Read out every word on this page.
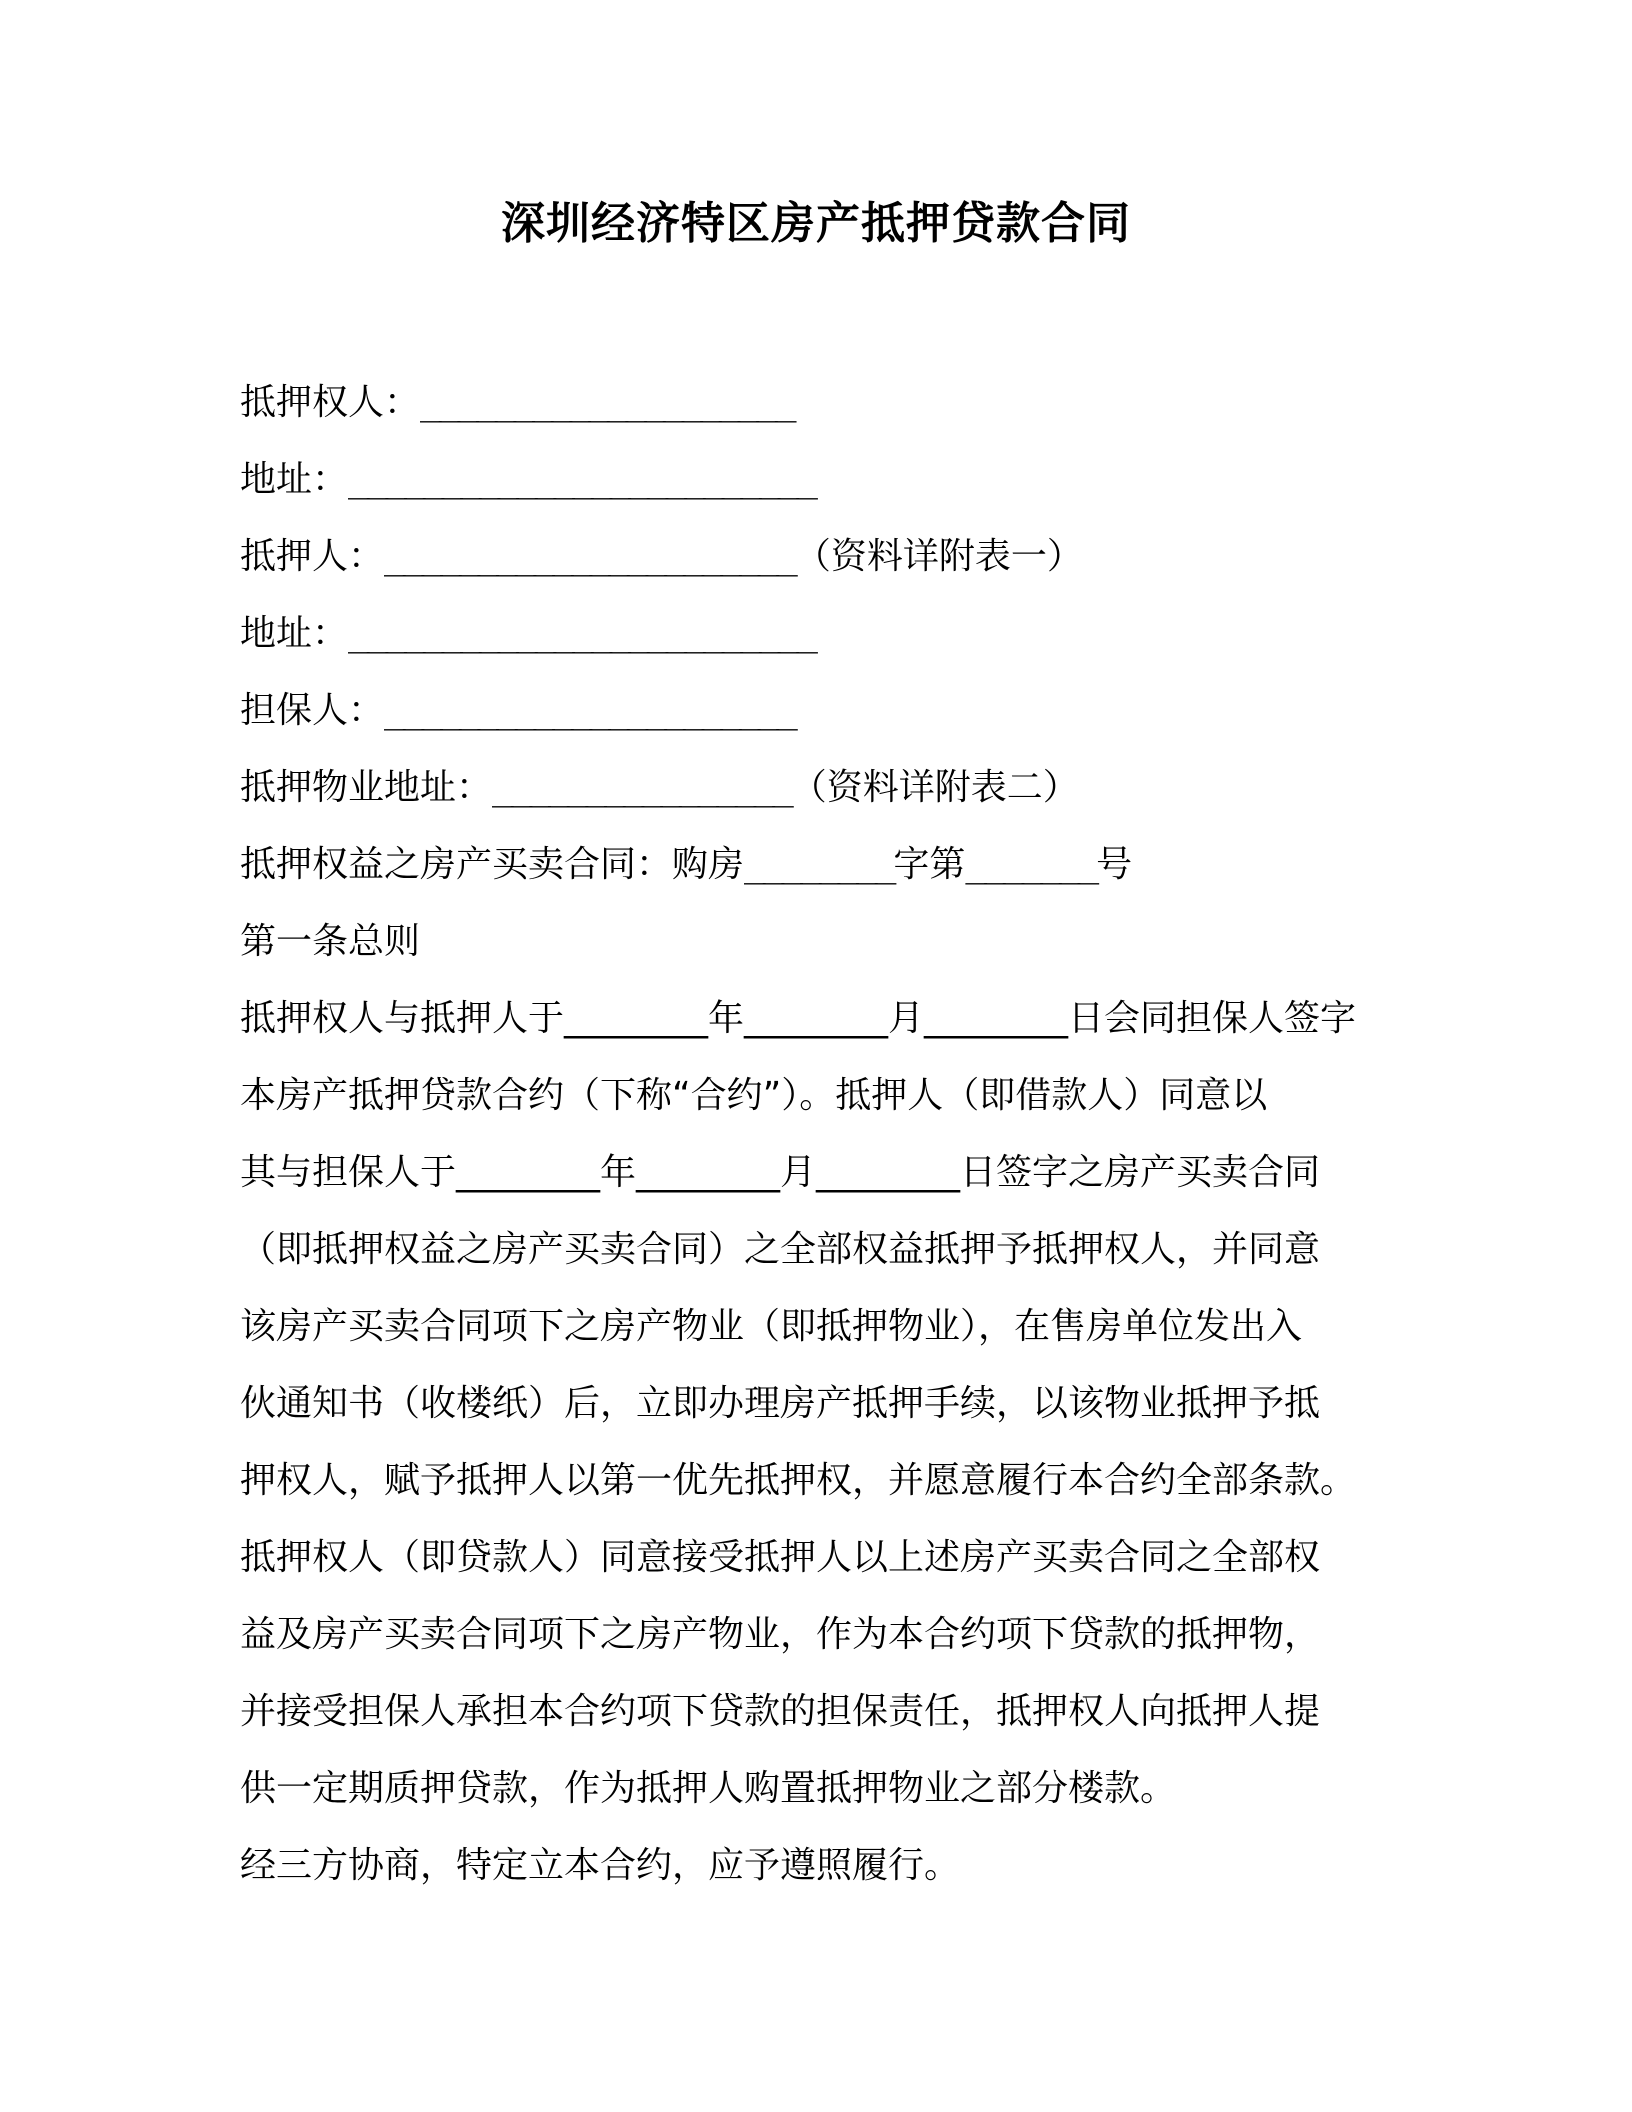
深圳经济特区房产抵押贷款合同
抵押权人：____________________
地址：_________________________
抵押人：______________________（资料详附表一）
地址：_________________________
担保人：______________________
抵押物业地址：________________（资料详附表二）
抵押权益之房产买卖合同：购房________字第_______号
第一条总则
抵押权人与抵押人于________年________月________日会同担保人签字
本房产抵押贷款合约（下称“合约”）。抵押人（即借款人）同意以
其与担保人于________年________月________日签字之房产买卖合同
（即抵押权益之房产买卖合同）之全部权益抵押予抵押权人，并同意
该房产买卖合同项下之房产物业（即抵押物业），在售房单位发出入
伙通知书（收楼纸）后，立即办理房产抵押手续，以该物业抵押予抵
押权人，赋予抵押人以第一优先抵押权，并愿意履行本合约全部条款。
抵押权人（即贷款人）同意接受抵押人以上述房产买卖合同之全部权
益及房产买卖合同项下之房产物业，作为本合约项下贷款的抵押物，
并接受担保人承担本合约项下贷款的担保责任，抵押权人向抵押人提
供一定期质押贷款，作为抵押人购置抵押物业之部分楼款。
经三方协商，特定立本合约，应予遵照履行。
